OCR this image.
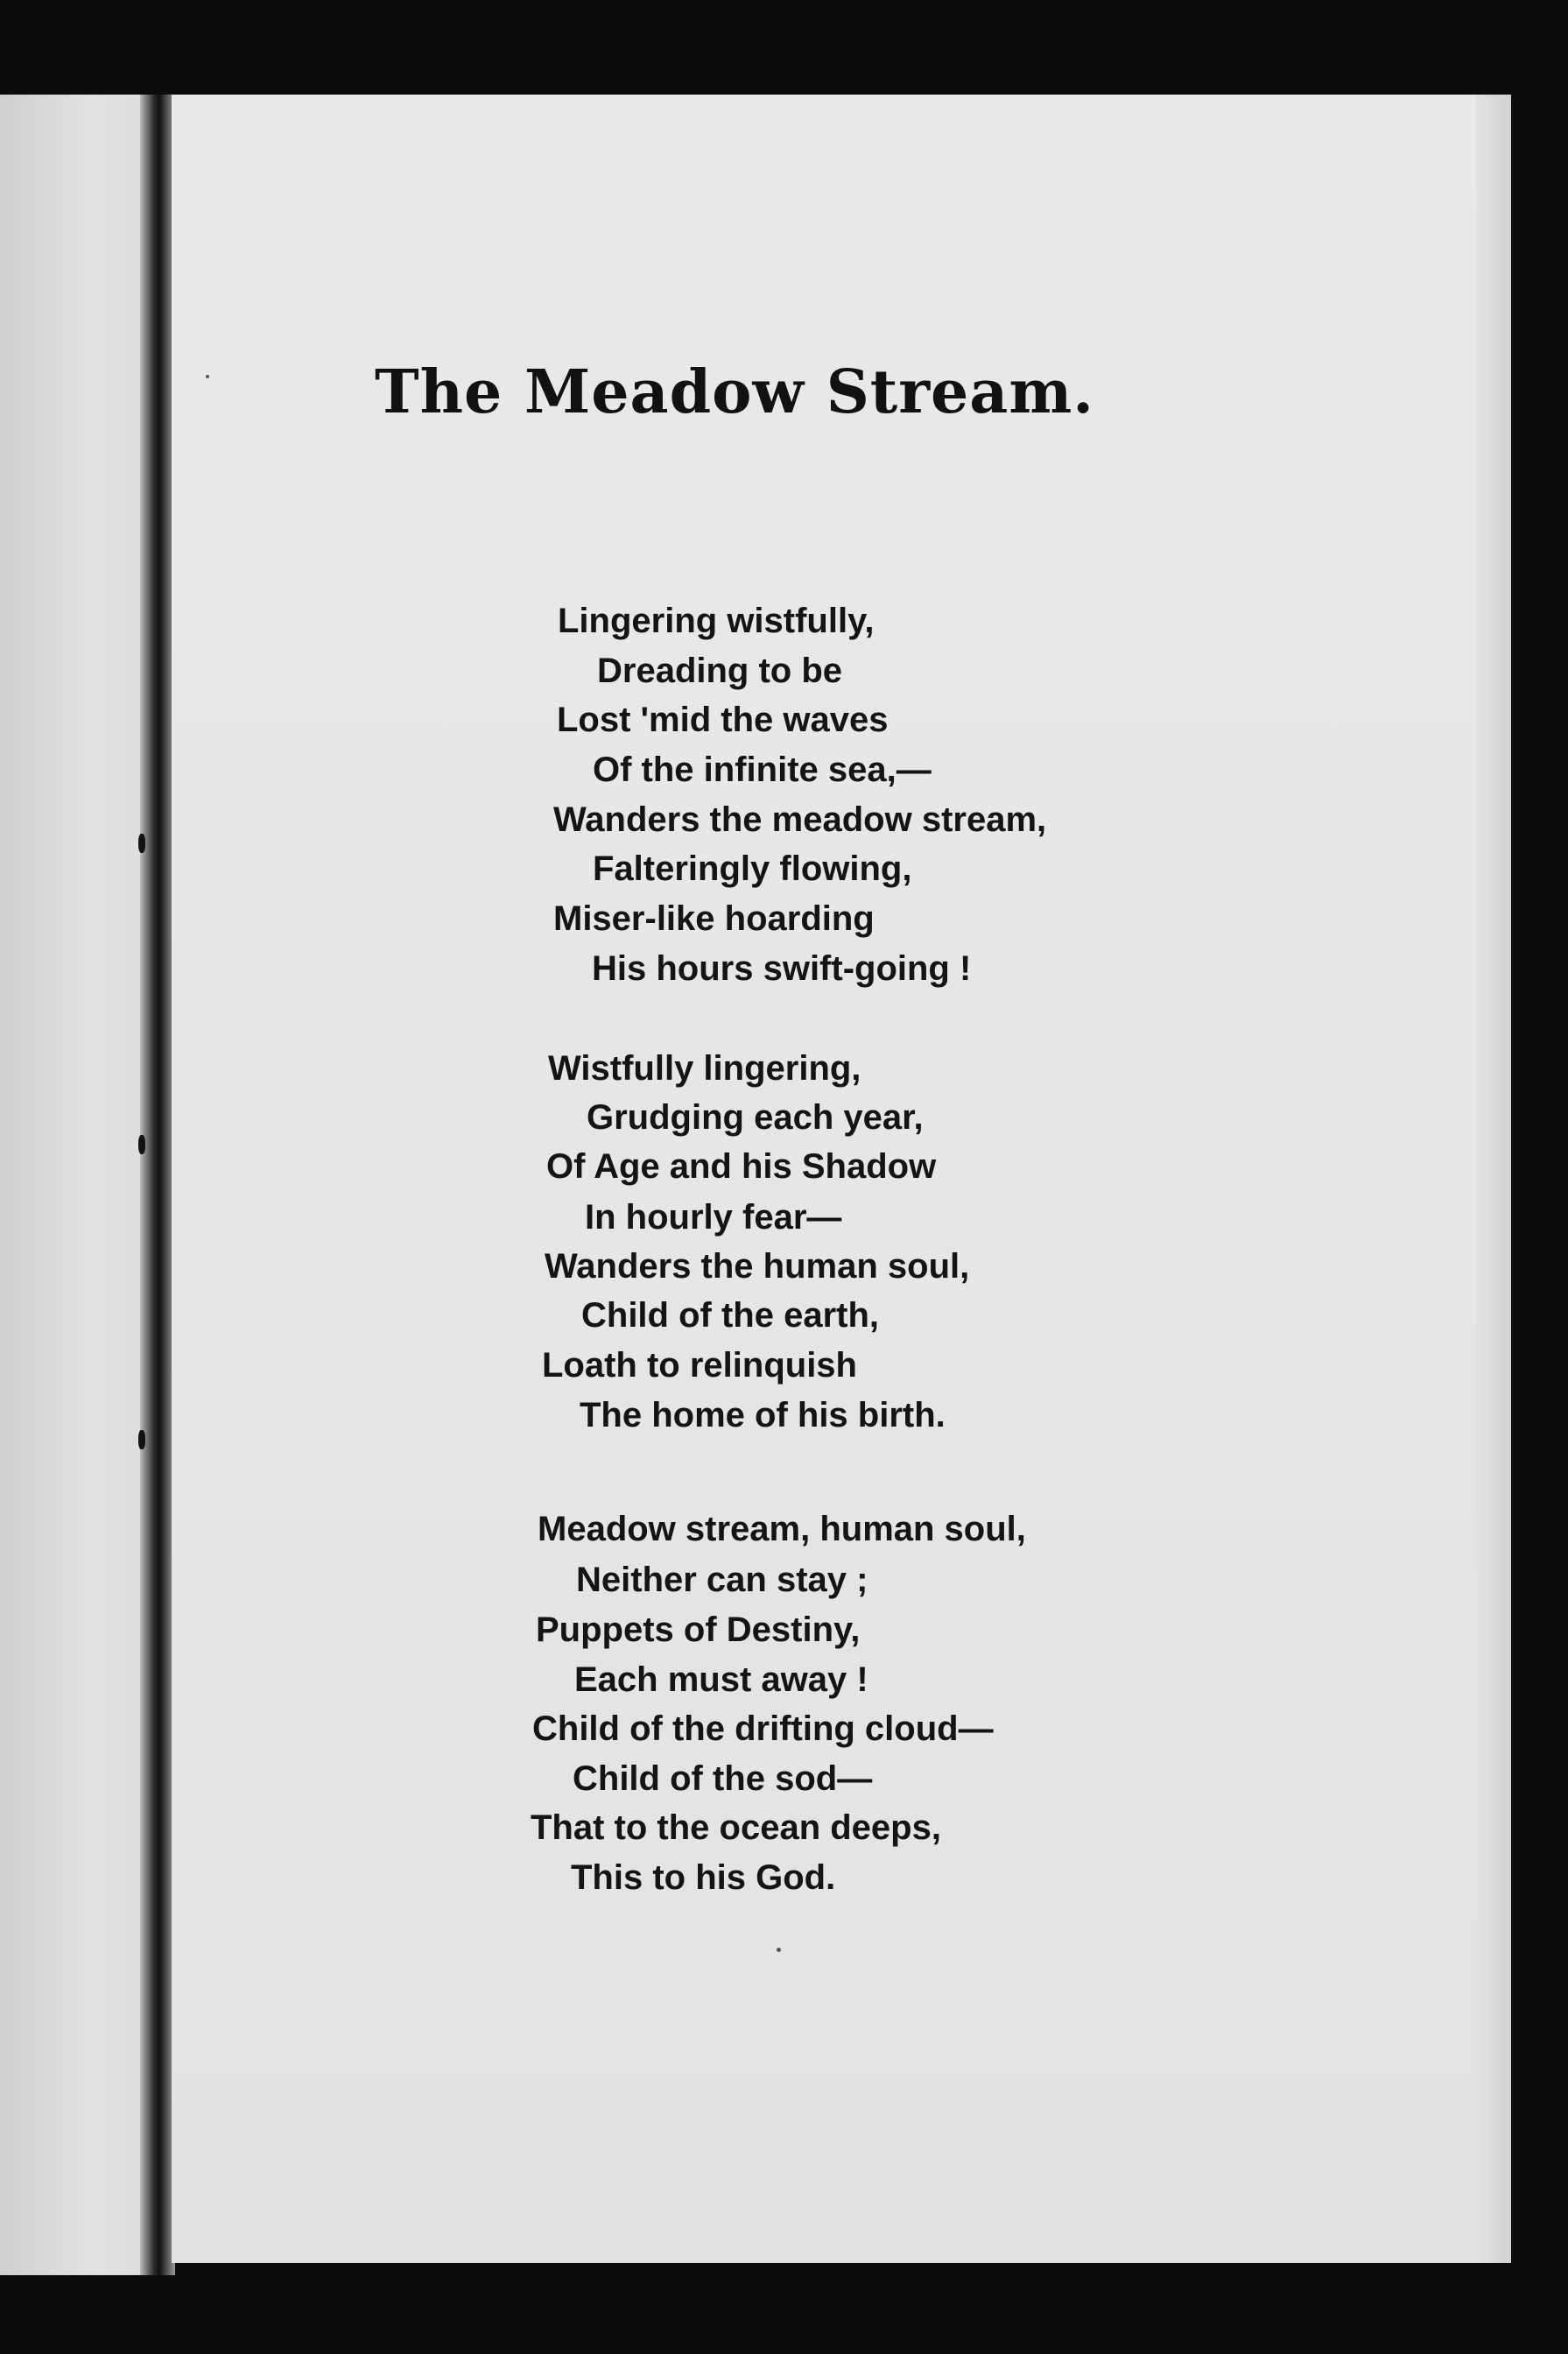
The Meadow Stream.
Lingering wistfully,
Dreading to be
Lost 'mid the waves
Of the infinite sea,—
Wanders the meadow stream,
Falteringly flowing,
Miser-like hoarding
His hours swift-going !
Wistfully lingering,
Grudging each year,
Of Age and his Shadow
In hourly fear—
Wanders the human soul,
Child of the earth,
Loath to relinquish
The home of his birth.
Meadow stream, human soul,
Neither can stay ;
Puppets of Destiny,
Each must away !
Child of the drifting cloud—
Child of the sod—
That to the ocean deeps,
This to his God.
